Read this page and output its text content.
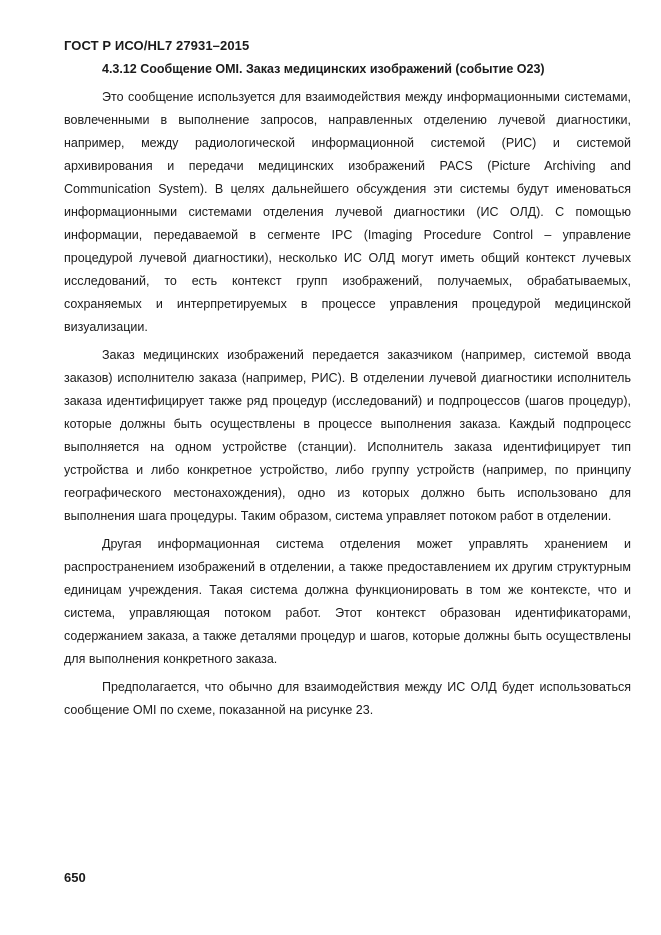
ГОСТ Р ИСО/HL7 27931–2015
4.3.12 Сообщение OMI. Заказ медицинских изображений (событие O23)

Это сообщение используется для взаимодействия между информационными системами, вовлеченными в выполнение запросов, направленных отделению лучевой диагностики, например, между радиологической информационной системой (РИС) и системой архивирования и передачи медицинских изображений PACS (Picture Archiving and Communication System). В целях дальнейшего обсуждения эти системы будут именоваться информационными системами отделения лучевой диагностики (ИС ОЛД). С помощью информации, передаваемой в сегменте IPC (Imaging Procedure Control – управление процедурой лучевой диагностики), несколько ИС ОЛД могут иметь общий контекст лучевых исследований, то есть контекст групп изображений, получаемых, обрабатываемых, сохраняемых и интерпретируемых в процессе управления процедурой медицинской визуализации.

Заказ медицинских изображений передается заказчиком (например, системой ввода заказов) исполнителю заказа (например, РИС). В отделении лучевой диагностики исполнитель заказа идентифицирует также ряд процедур (исследований) и подпроцессов (шагов процедур), которые должны быть осуществлены в процессе выполнения заказа. Каждый подпроцесс выполняется на одном устройстве (станции). Исполнитель заказа идентифицирует тип устройства и либо конкретное устройство, либо группу устройств (например, по принципу географического местонахождения), одно из которых должно быть использовано для выполнения шага процедуры. Таким образом, система управляет потоком работ в отделении.

Другая информационная система отделения может управлять хранением и распространением изображений в отделении, а также предоставлением их другим структурным единицам учреждения. Такая система должна функционировать в том же контексте, что и система, управляющая потоком работ. Этот контекст образован идентификаторами, содержанием заказа, а также деталями процедур и шагов, которые должны быть осуществлены для выполнения конкретного заказа.

Предполагается, что обычно для взаимодействия между ИС ОЛД будет использоваться сообщение OMI по схеме, показанной на рисунке 23.

650
